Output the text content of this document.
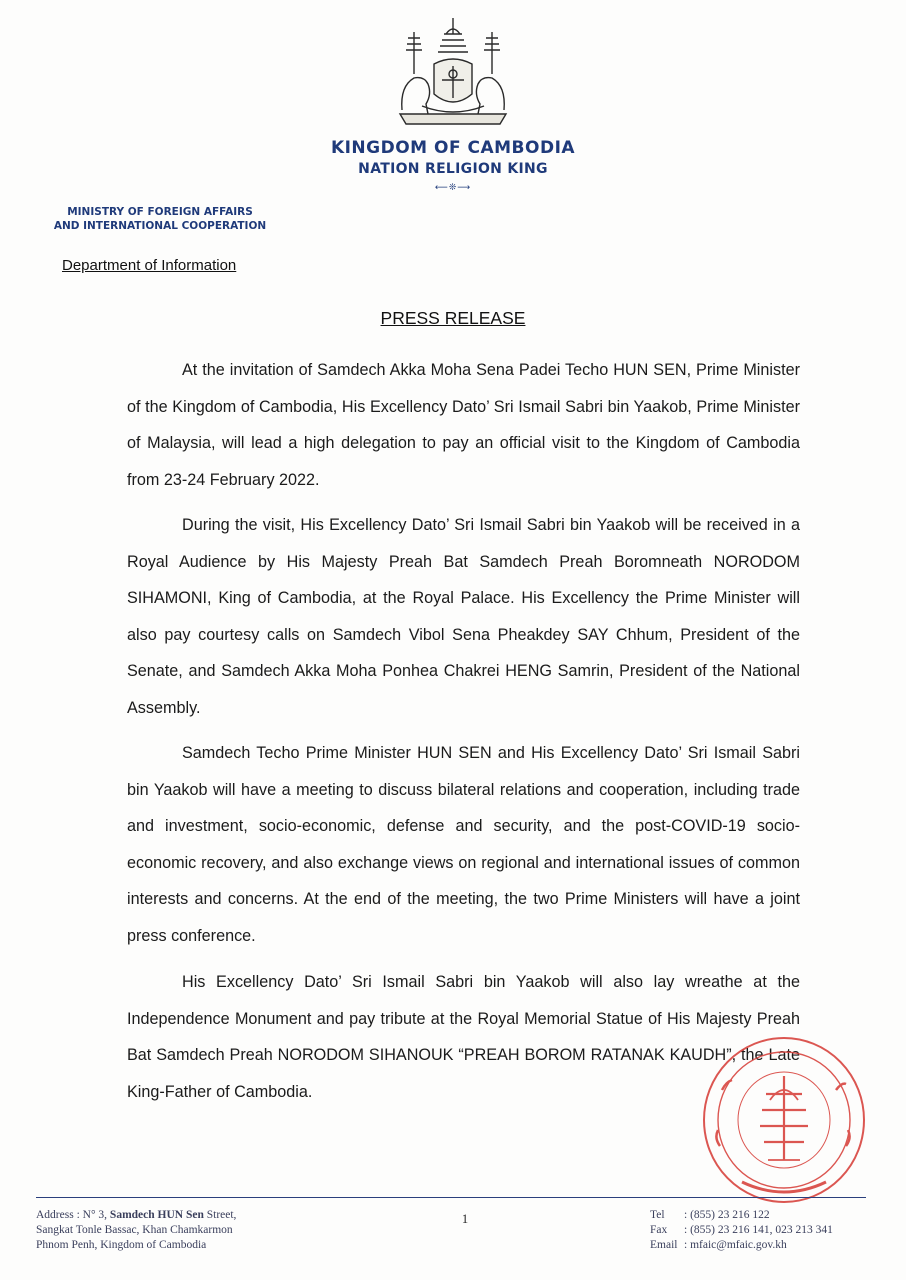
KINGDOM OF CAMBODIA
NATION RELIGION KING
⟵❊⟶
MINISTRY OF FOREIGN AFFAIRS
AND INTERNATIONAL COOPERATION
Department of Information
PRESS RELEASE

At the invitation of Samdech Akka Moha Sena Padei Techo HUN SEN, Prime Minister of the Kingdom of Cambodia, His Excellency Dato’ Sri Ismail Sabri bin Yaakob, Prime Minister of Malaysia, will lead a high delegation to pay an official visit to the Kingdom of Cambodia from 23-24 February 2022.

During the visit, His Excellency Dato’ Sri Ismail Sabri bin Yaakob will be received in a Royal Audience by His Majesty Preah Bat Samdech Preah Boromneath NORODOM SIHAMONI, King of Cambodia, at the Royal Palace. His Excellency the Prime Minister will also pay courtesy calls on Samdech Vibol Sena Pheakdey SAY Chhum, President of the Senate, and Samdech Akka Moha Ponhea Chakrei HENG Samrin, President of the National Assembly.

Samdech Techo Prime Minister HUN SEN and His Excellency Dato’ Sri Ismail Sabri bin Yaakob will have a meeting to discuss bilateral relations and cooperation, including trade and investment, socio-economic, defense and security, and the post-COVID-19 socio-economic recovery, and also exchange views on regional and international issues of common interests and concerns. At the end of the meeting, the two Prime Ministers will have a joint press conference.

His Excellency Dato’ Sri Ismail Sabri bin Yaakob will also lay wreathe at the Independence Monument and pay tribute at the Royal Memorial Statue of His Majesty Preah Bat Samdech Preah NORODOM SIHANOUK “PREAH BOROM RATANAK KAUDH”, the Late King-Father of Cambodia.

Address : N° 3, Samdech HUN Sen Street,
Sangkat Tonle Bassac, Khan Chamkarmon
Phnom Penh, Kingdom of Cambodia
1	Tel : (855) 23 216 122
Fax : (855) 23 216 141, 023 213 341
Email : mfaic@mfaic.gov.kh
